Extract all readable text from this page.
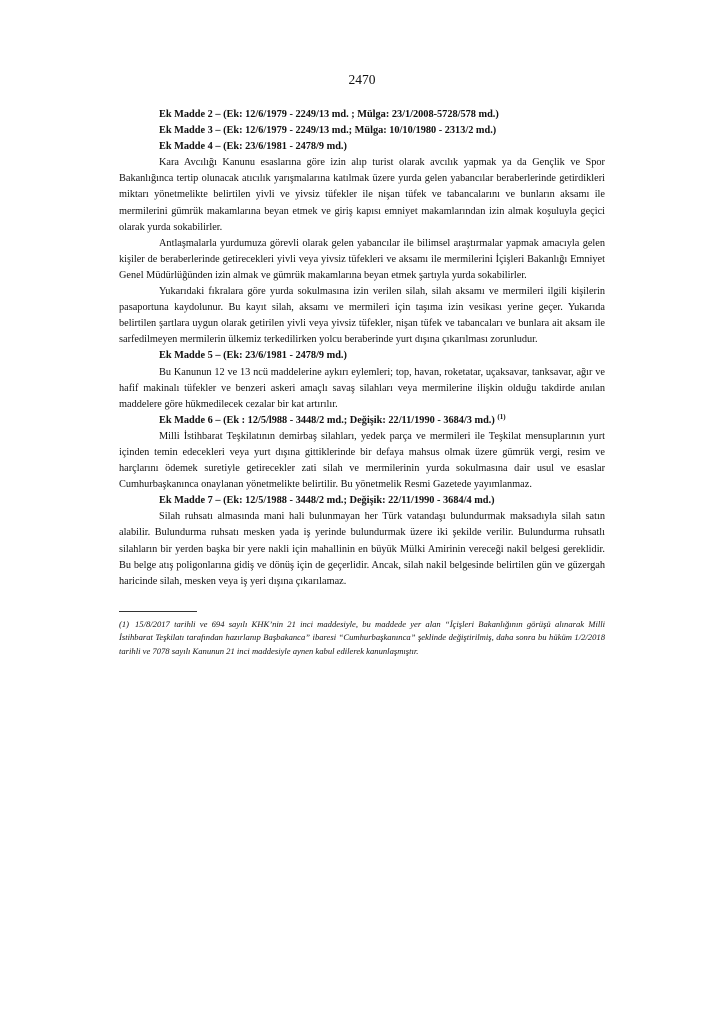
2470

Ek Madde 2 – (Ek: 12/6/1979 - 2249/13 md. ; Mülga: 23/1/2008-5728/578 md.)

Ek Madde 3 – (Ek: 12/6/1979 - 2249/13 md.; Mülga: 10/10/1980 - 2313/2 md.)

Ek Madde 4 – (Ek: 23/6/1981 - 2478/9 md.)

Kara Avcılığı Kanunu esaslarına göre izin alıp turist olarak avcılık yapmak ya da Gençlik ve Spor Bakanlığınca tertip olunacak atıcılık yarışmalarına katılmak üzere yurda gelen yabancılar beraberlerinde getirdikleri miktarı yönetmelikte belirtilen yivli ve yivsiz tüfekler ile nişan tüfek ve tabancalarını ve bunların aksamı ile mermilerini gümrük makamlarına beyan etmek ve giriş kapısı emniyet makamlarından izin almak koşuluyla geçici olarak yurda sokabilirler.

Antlaşmalarla yurdumuza görevli olarak gelen yabancılar ile bilimsel araştırmalar yapmak amacıyla gelen kişiler de beraberlerinde getirecekleri yivli veya yivsiz tüfekleri ve aksamı ile mermilerini İçişleri Bakanlığı Emniyet Genel Müdürlüğünden izin almak ve gümrük makamlarına beyan etmek şartıyla yurda sokabilirler.

Yukarıdaki fıkralara göre yurda sokulmasına izin verilen silah, silah aksamı ve mermileri ilgili kişilerin pasaportuna kaydolunur. Bu kayıt silah, aksamı ve mermileri için taşıma izin vesikası yerine geçer. Yukarıda belirtilen şartlara uygun olarak getirilen yivli veya yivsiz tüfekler, nişan tüfek ve tabancaları ve bunlara ait aksam ile sarfedilmeyen mermilerin ülkemiz terkedilirken yolcu beraberinde yurt dışına çıkarılması zorunludur.

Ek Madde 5 – (Ek: 23/6/1981 - 2478/9 md.)

Bu Kanunun 12 ve 13 ncü maddelerine aykırı eylemleri; top, havan, roketatar, uçaksavar, tanksavar, ağır ve hafif makinalı tüfekler ve benzeri askeri amaçlı savaş silahları veya mermilerine ilişkin olduğu takdirde anılan maddelere göre hükmedilecek cezalar bir kat artırılır.

Ek Madde 6 – (Ek : 12/5/l988 - 3448/2 md.; Değişik: 22/11/1990 - 3684/3 md.) $^{(1)}$

Milli İstihbarat Teşkilatının demirbaş silahları, yedek parça ve mermileri ile Teşkilat mensuplarının yurt içinden temin edecekleri veya yurt dışına gittiklerinde bir defaya mahsus olmak üzere gümrük vergi, resim ve harçlarını ödemek suretiyle getirecekler zati silah ve mermilerinin yurda sokulmasına dair usul ve esaslar Cumhurbaşkanınca onaylanan yönetmelikte belirtilir. Bu yönetmelik Resmi Gazetede yayımlanmaz.

Ek Madde 7 – (Ek: 12/5/1988 - 3448/2 md.; Değişik: 22/11/1990 - 3684/4 md.)

Silah ruhsatı almasında mani hali bulunmayan her Türk vatandaşı bulundurmak maksadıyla silah satın alabilir. Bulundurma ruhsatı mesken yada iş yerinde bulundurmak üzere iki şekilde verilir. Bulundurma ruhsatlı silahların bir yerden başka bir yere nakli için mahallinin en büyük Mülki Amirinin vereceği nakil belgesi gereklidir. Bu belge atış poligonlarına gidiş ve dönüş için de geçerlidir. Ancak, silah nakil belgesinde belirtilen gün ve güzergah haricinde silah, mesken veya iş yeri dışına çıkarılamaz.

(1) 15/8/2017 tarihli ve 694 sayılı KHK’nin 21 inci maddesiyle, bu maddede yer alan “İçişleri Bakanlığının görüşü alınarak Milli İstihbarat Teşkilatı tarafından hazırlanıp Başbakanca” ibaresi “Cumhurbaşkanınca” şeklinde değiştirilmiş, daha sonra bu hüküm 1/2/2018 tarihli ve 7078 sayılı Kanunun 21 inci maddesiyle aynen kabul edilerek kanunlaşmıştır.
